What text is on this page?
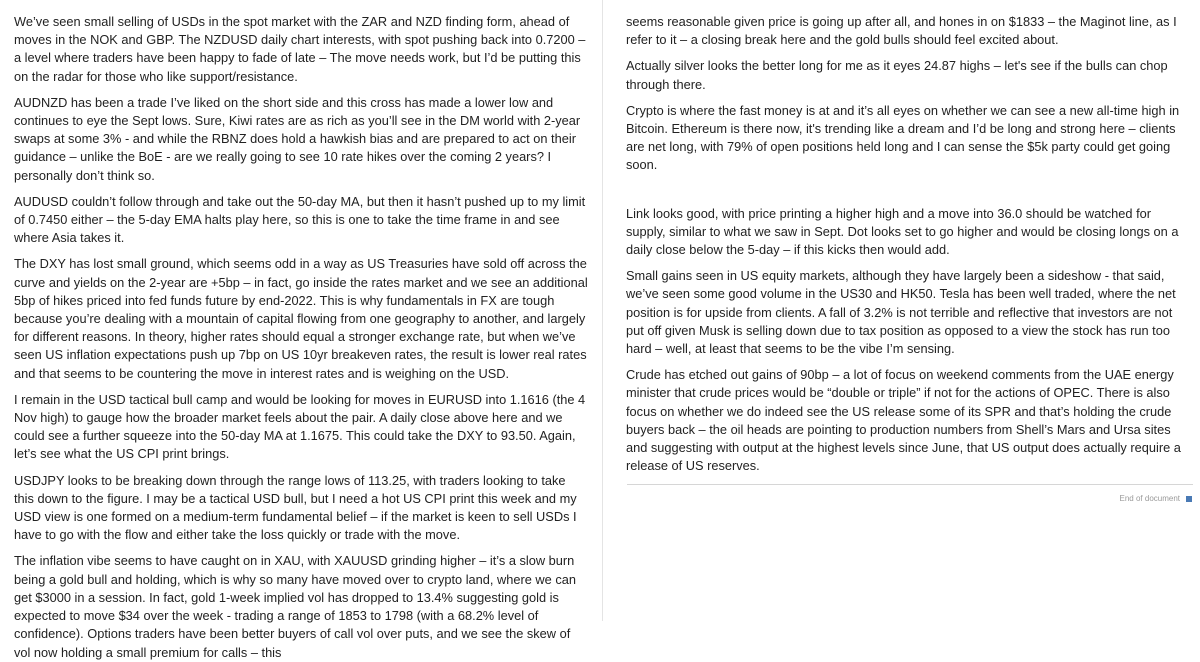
We’ve seen small selling of USDs in the spot market with the ZAR and NZD finding form, ahead of moves in the NOK and GBP. The NZDUSD daily chart interests, with spot pushing back into 0.7200 – a level where traders have been happy to fade of late – The move needs work, but I’d be putting this on the radar for those who like support/resistance.

AUDNZD has been a trade I’ve liked on the short side and this cross has made a lower low and continues to eye the Sept lows. Sure, Kiwi rates are as rich as you’ll see in the DM world with 2-year swaps at some 3% - and while the RBNZ does hold a hawkish bias and are prepared to act on their guidance – unlike the BoE - are we really going to see 10 rate hikes over the coming 2 years? I personally don’t think so.

AUDUSD couldn’t follow through and take out the 50-day MA, but then it hasn’t pushed up to my limit of 0.7450 either – the 5-day EMA halts play here, so this is one to take the time frame in and see where Asia takes it.

The DXY has lost small ground, which seems odd in a way as US Treasuries have sold off across the curve and yields on the 2-year are +5bp – in fact, go inside the rates market and we see an additional 5bp of hikes priced into fed funds future by end-2022. This is why fundamentals in FX are tough because you’re dealing with a mountain of capital flowing from one geography to another, and largely for different reasons. In theory, higher rates should equal a stronger exchange rate, but when we’ve seen US inflation expectations push up 7bp on US 10yr breakeven rates, the result is lower real rates and that seems to be countering the move in interest rates and is weighing on the USD.

I remain in the USD tactical bull camp and would be looking for moves in EURUSD into 1.1616 (the 4 Nov high) to gauge how the broader market feels about the pair. A daily close above here and we could see a further squeeze into the 50-day MA at 1.1675. This could take the DXY to 93.50. Again, let’s see what the US CPI print brings.

USDJPY looks to be breaking down through the range lows of 113.25, with traders looking to take this down to the figure. I may be a tactical USD bull, but I need a hot US CPI print this week and my USD view is one formed on a medium-term fundamental belief – if the market is keen to sell USDs I have to go with the flow and either take the loss quickly or trade with the move.

The inflation vibe seems to have caught on in XAU, with XAUUSD grinding higher – it’s a slow burn being a gold bull and holding, which is why so many have moved over to crypto land, where we can get $3000 in a session. In fact, gold 1-week implied vol has dropped to 13.4% suggesting gold is expected to move $34 over the week - trading a range of 1853 to 1798 (with a 68.2% level of confidence). Options traders have been better buyers of call vol over puts, and we see the skew of vol now holding a small premium for calls – this

seems reasonable given price is going up after all, and hones in on $1833 – the Maginot line, as I refer to it – a closing break here and the gold bulls should feel excited about.

Actually silver looks the better long for me as it eyes 24.87 highs – let's see if the bulls can chop through there.

Crypto is where the fast money is at and it’s all eyes on whether we can see a new all-time high in Bitcoin. Ethereum is there now, it's trending like a dream and I’d be long and strong here – clients are net long, with 79% of open positions held long and I can sense the $5k party could get going soon.

Link looks good, with price printing a higher high and a move into 36.0 should be watched for supply, similar to what we saw in Sept. Dot looks set to go higher and would be closing longs on a daily close below the 5-day – if this kicks then would add.

Small gains seen in US equity markets, although they have largely been a sideshow - that said, we’ve seen some good volume in the US30 and HK50. Tesla has been well traded, where the net position is for upside from clients. A fall of 3.2% is not terrible and reflective that investors are not put off given Musk is selling down due to tax position as opposed to a view the stock has run too hard – well, at least that seems to be the vibe I’m sensing.

Crude has etched out gains of 90bp – a lot of focus on weekend comments from the UAE energy minister that crude prices would be “double or triple” if not for the actions of OPEC. There is also focus on whether we do indeed see the US release some of its SPR and that’s holding the crude buyers back – the oil heads are pointing to production numbers from Shell’s Mars and Ursa sites and suggesting with output at the highest levels since June, that US output does actually require a release of US reserves.

End of document
